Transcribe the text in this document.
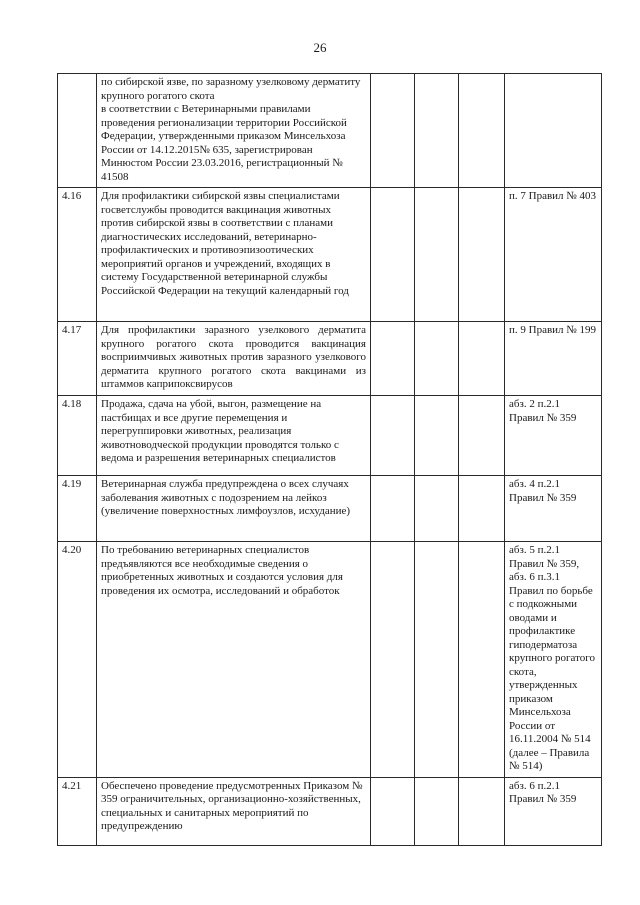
26
	по сибирской язве, по заразному узелковому дерматиту крупного рогатого скота
в соответствии с Ветеринарными правилами проведения регионализации территории Российской Федерации, утвержденными приказом Минсельхоза России от 14.12.2015№ 635, зарегистрирован Минюстом России 23.03.2016, регистрационный № 41508				
4.16	Для профилактики сибирской язвы специалистами госветслужбы проводится вакцинация животных против сибирской язвы в соответствии с планами диагностических исследований, ветеринарно-профилактических и противоэпизоотических мероприятий органов и учреждений, входящих в систему Государственной ветеринарной службы Российской Федерации на текущий календарный год				п. 7 Правил № 403
4.17	Для профилактики заразного узелкового дерматита крупного рогатого скота проводится вакцинация восприимчивых животных против заразного узелкового дерматита крупного рогатого скота вакцинами из штаммов каприпоксвирусов				п. 9 Правил № 199
4.18	Продажа, сдача на убой, выгон, размещение на пастбищах и все другие перемещения и перегруппировки животных, реализация животноводческой продукции проводятся только с ведома и разрешения ветеринарных специалистов				абз. 2 п.2.1 Правил № 359
4.19	Ветеринарная служба предупреждена о всех случаях заболевания животных с подозрением на лейкоз (увеличение поверхностных лимфоузлов, исхудание)				абз. 4 п.2.1 Правил № 359
4.20	По требованию ветеринарных специалистов предъявляются все необходимые сведения о приобретенных животных и создаются условия для проведения их осмотра, исследований и обработок				абз. 5 п.2.1 Правил № 359, абз. 6 п.3.1 Правил по борьбе с подкожными оводами и профилактике гиподерматоза крупного рогатого скота, утвержденных приказом Минсельхоза России от 16.11.2004 № 514 (далее – Правила № 514)
4.21	Обеспечено проведение предусмотренных Приказом № 359 ограничительных, организационно-хозяйственных, специальных и санитарных мероприятий по предупреждению				абз. 6 п.2.1 Правил № 359
